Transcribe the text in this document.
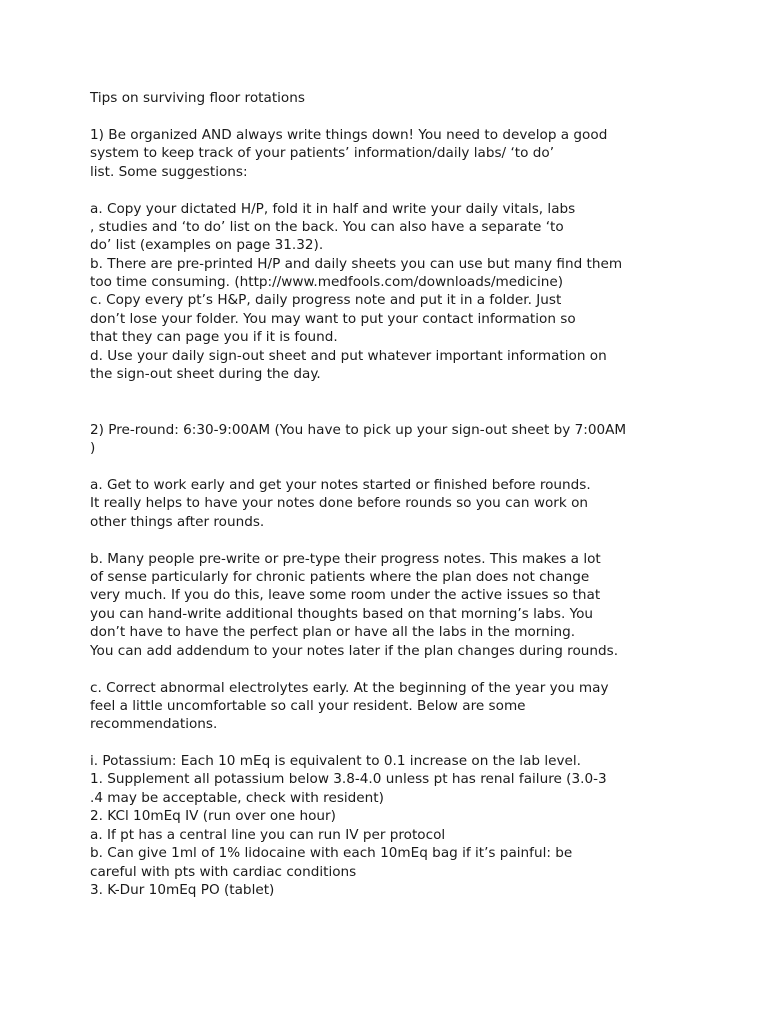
Tips on surviving floor rotations
1) Be organized AND always write things down! You need to develop a good
system to keep track of your patients’ information/daily labs/ ‘to do’
list. Some suggestions:
a. Copy your dictated H/P, fold it in half and write your daily vitals, labs
, studies and ‘to do’ list on the back. You can also have a separate ‘to
do’ list (examples on page 31.32).
b. There are pre-printed H/P and daily sheets you can use but many find them
too time consuming. (http://www.medfools.com/downloads/medicine)
c. Copy every pt’s H&P, daily progress note and put it in a folder. Just
don’t lose your folder. You may want to put your contact information so
that they can page you if it is found.
d. Use your daily sign-out sheet and put whatever important information on
the sign-out sheet during the day.
2) Pre-round: 6:30-9:00AM (You have to pick up your sign-out sheet by 7:00AM
)
a. Get to work early and get your notes started or finished before rounds.
It really helps to have your notes done before rounds so you can work on
other things after rounds.
b. Many people pre-write or pre-type their progress notes. This makes a lot
of sense particularly for chronic patients where the plan does not change
very much. If you do this, leave some room under the active issues so that
you can hand-write additional thoughts based on that morning’s labs. You
don’t have to have the perfect plan or have all the labs in the morning.
You can add addendum to your notes later if the plan changes during rounds.
c. Correct abnormal electrolytes early. At the beginning of the year you may
feel a little uncomfortable so call your resident. Below are some
recommendations.
i. Potassium: Each 10 mEq is equivalent to 0.1 increase on the lab level.
1. Supplement all potassium below 3.8-4.0 unless pt has renal failure (3.0-3
.4 may be acceptable, check with resident)
2. KCl 10mEq IV (run over one hour)
a. If pt has a central line you can run IV per protocol
b. Can give 1ml of 1% lidocaine with each 10mEq bag if it’s painful: be
careful with pts with cardiac conditions
3. K-Dur 10mEq PO (tablet)
